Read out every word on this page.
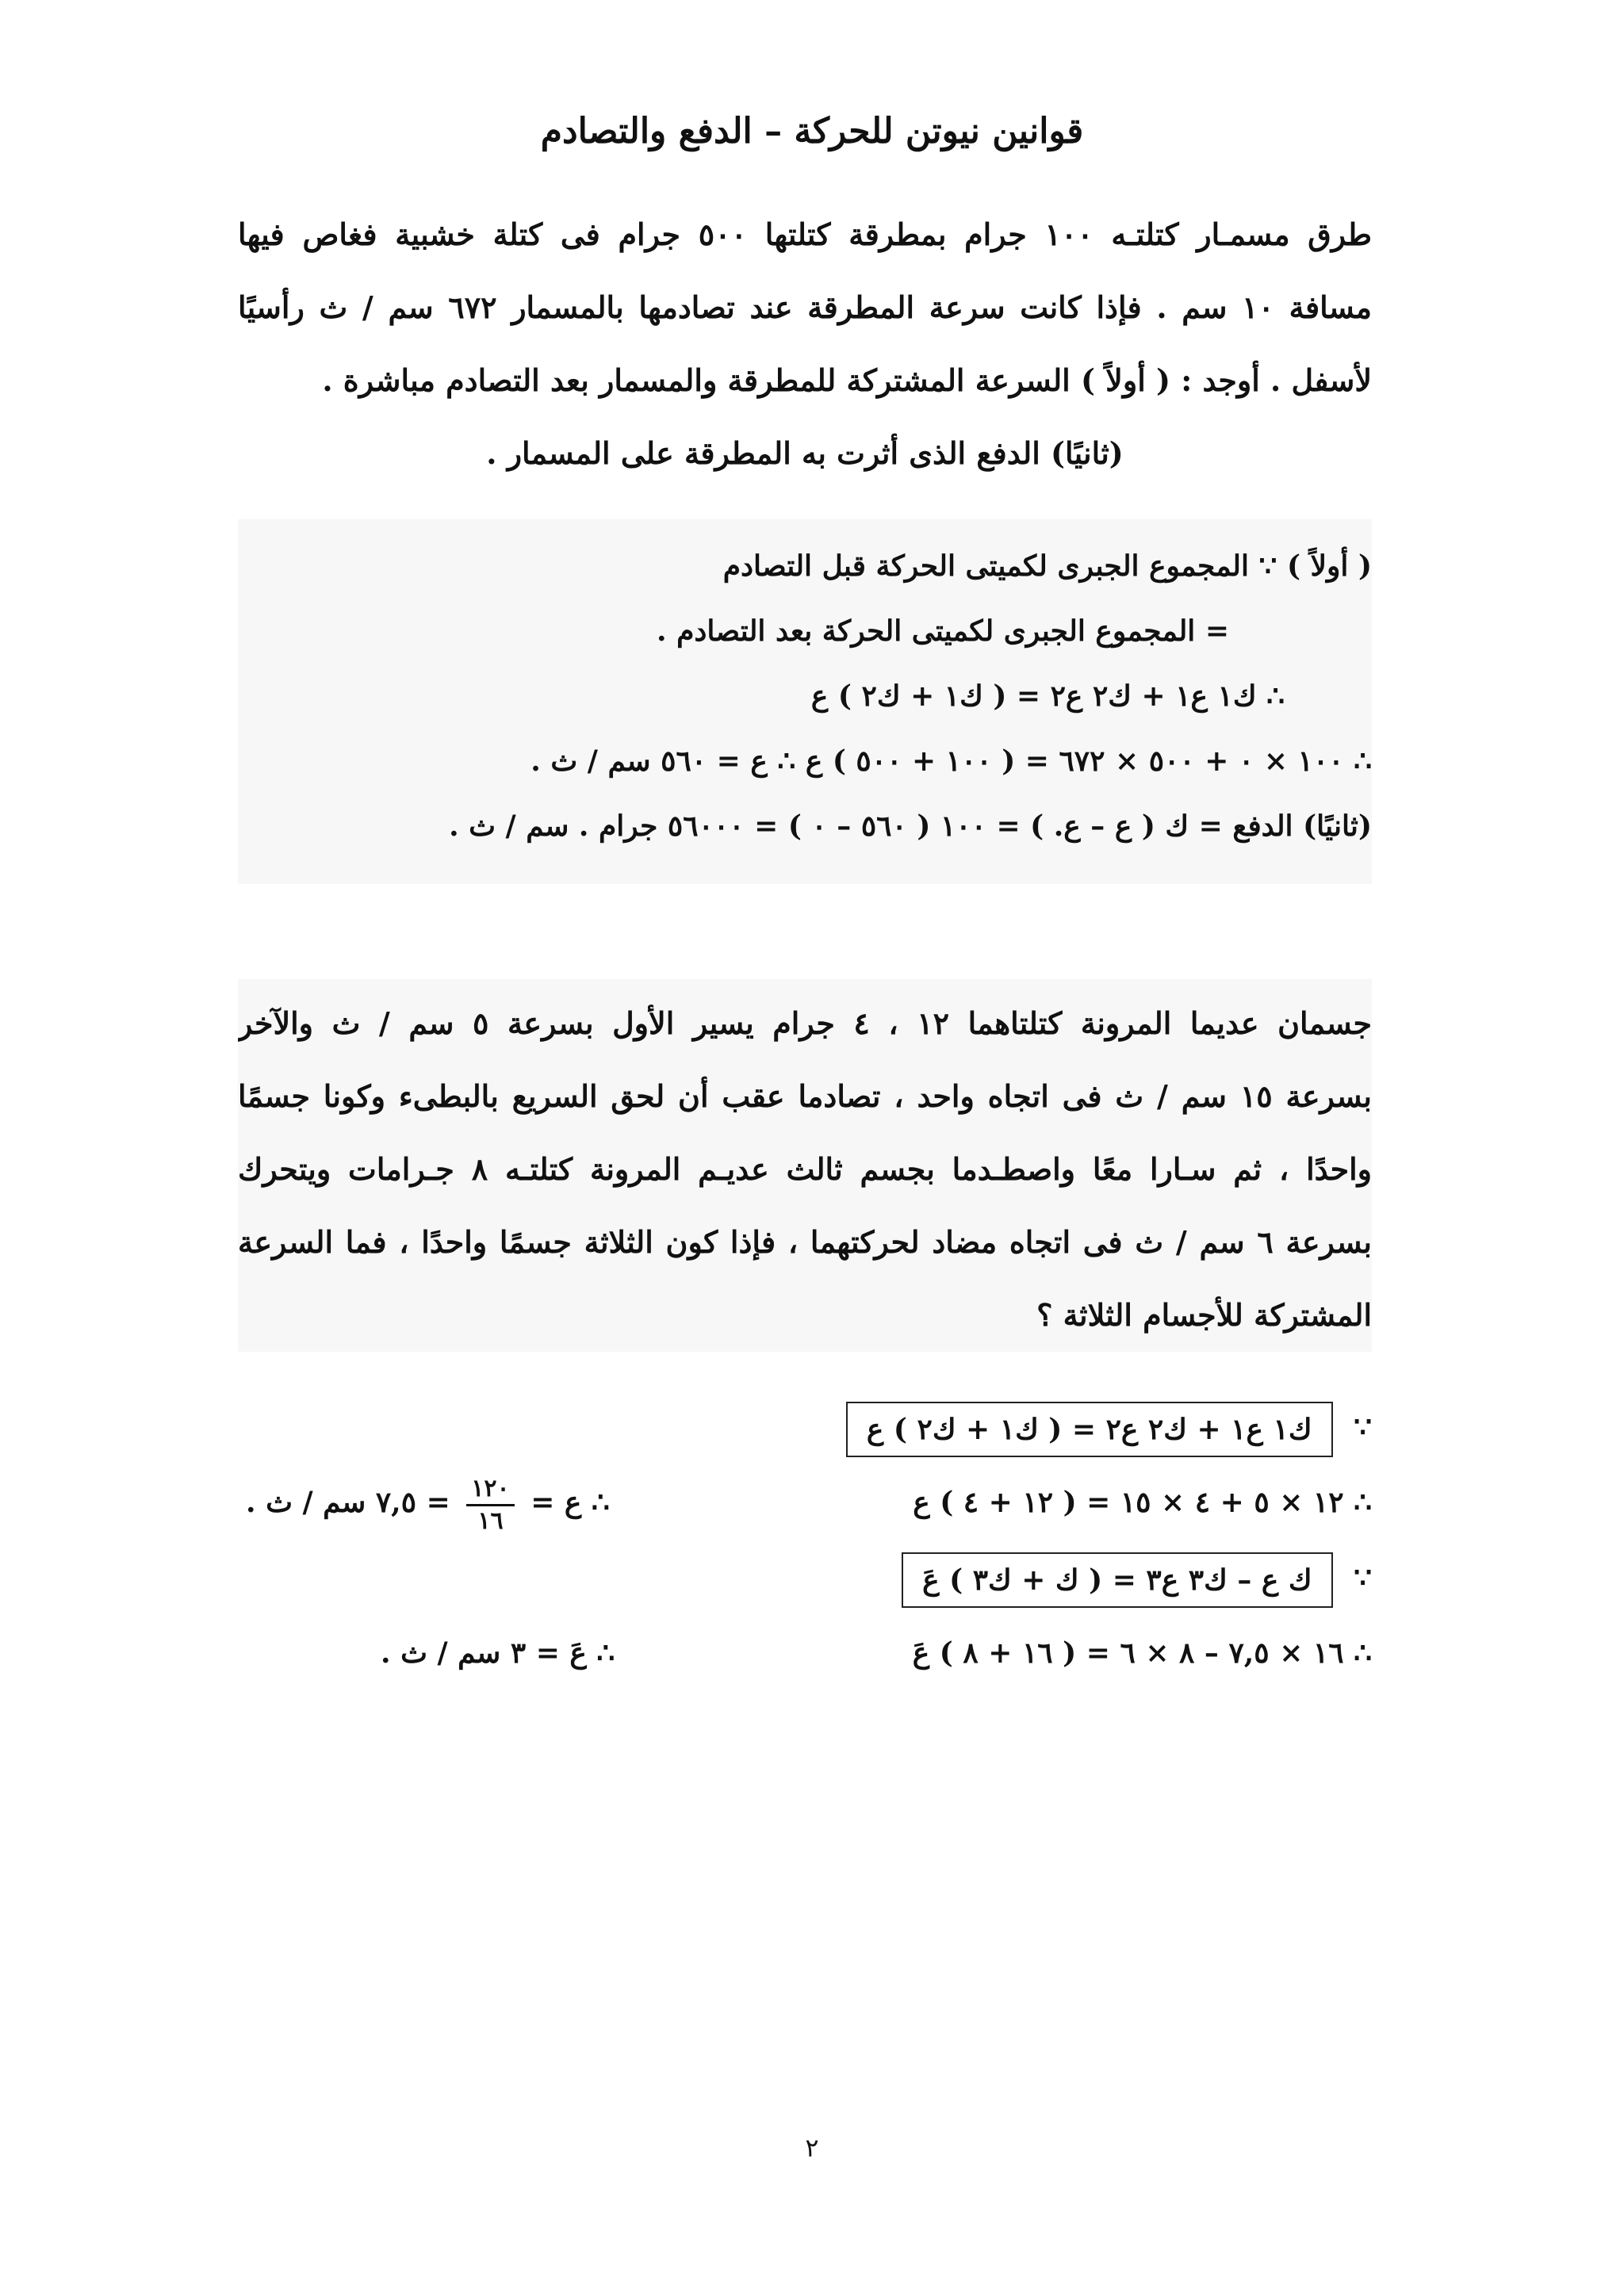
قوانين نيوتن للحركة – الدفع والتصادم
طرق مسمـار كتلتـه ١٠٠ جرام بمطرقة كتلتها ٥٠٠ جرام فى كتلة خشبية فغاص فيها
مسافة ١٠ سم . فإذا كانت سرعة المطرقة عند تصادمها بالمسمار ٦٧٢ سم / ث رأسيًا
لأسفل . أوجد : ( أولاً ) السرعة المشتركة للمطرقة والمسمار بعد التصادم مباشرة .
(ثانيًا) الدفع الذى أثرت به المطرقة على المسمار .
( أولاً ) ∵ المجموع الجبرى لكميتى الحركة قبل التصادم
= المجموع الجبرى لكميتى الحركة بعد التصادم .
∴ ك١ ع١ + ك٢ ع٢ = ( ك١ + ك٢ ) ع
∴ ١٠٠ × ٠ + ٥٠٠ × ٦٧٢ = ( ١٠٠ + ٥٠٠ ) ع ∴ ع = ٥٦٠ سم / ث .
(ثانيًا) الدفع = ك ( ع – ع. ) = ١٠٠ ( ٥٦٠ – ٠ ) = ٥٦٠٠٠ جرام . سم / ث .
جسمان عديما المرونة كتلتاهما ١٢ ، ٤ جرام يسير الأول بسرعة ٥ سم / ث والآخر
بسرعة ١٥ سم / ث فى اتجاه واحد ، تصادما عقب أن لحق السريع بالبطىء وكونا جسمًا
واحدًا ، ثم سـارا معًا واصطـدما بجسم ثالث عديـم المرونة كتلتـه ٨ جـرامات ويتحرك
بسرعة ٦ سم / ث فى اتجاه مضاد لحركتهما ، فإذا كون الثلاثة جسمًا واحدًا ، فما السرعة
المشتركة للأجسام الثلاثة ؟
∵ ك١ ع١ + ك٢ ع٢ = ( ك١ + ك٢ ) ع
∴ ١٢ × ٥ + ٤ × ١٥ = ( ١٢ + ٤ ) ع
∴ ع =
$\frac{١٢٠}{١٦}$
= ٧,٥ سم / ث .
∵ ك ع – ك٣ ع٣ = ( ك + ك٣ ) عَ
∴ ١٦ × ٧,٥ – ٨ × ٦ = ( ١٦ + ٨ ) عَ
∴ عَ = ٣ سم / ث .
٢
